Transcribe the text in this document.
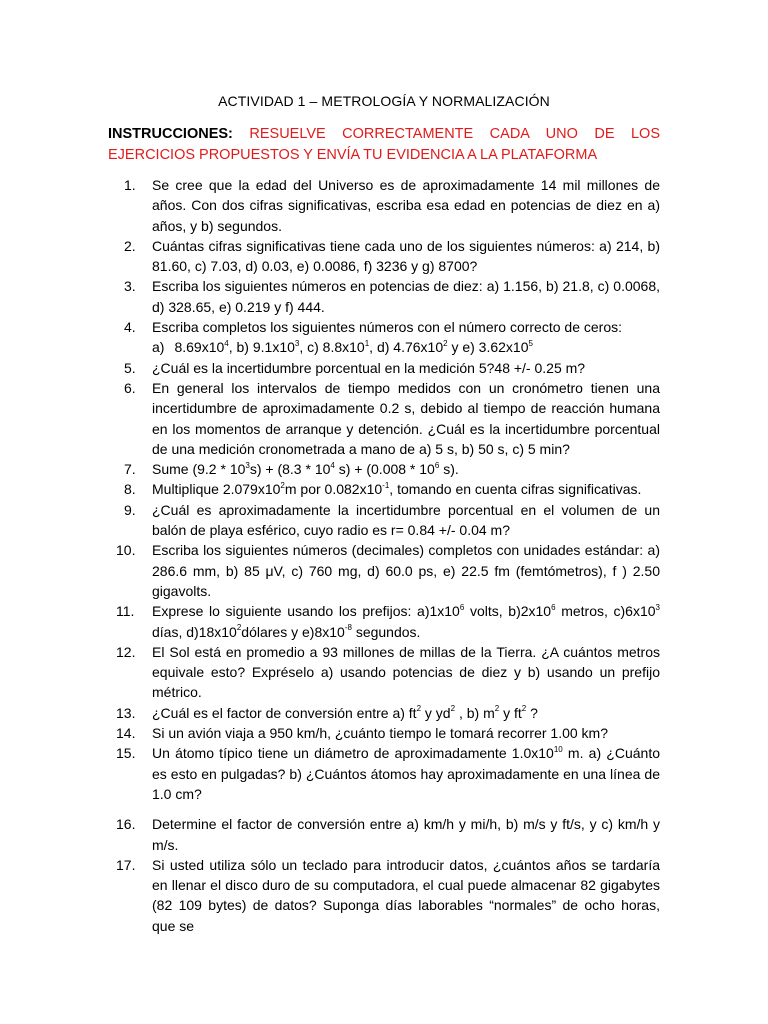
ACTIVIDAD 1 – METROLOGÍA Y NORMALIZACIÓN
INSTRUCCIONES: RESUELVE CORRECTAMENTE CADA UNO DE LOS EJERCICIOS PROPUESTOS Y ENVÍA TU EVIDENCIA A LA PLATAFORMA
1. Se cree que la edad del Universo es de aproximadamente 14 mil millones de años. Con dos cifras significativas, escriba esa edad en potencias de diez en a) años, y b) segundos.
2. Cuántas cifras significativas tiene cada uno de los siguientes números: a) 214, b) 81.60, c) 7.03, d) 0.03, e) 0.0086, f) 3236 y g) 8700?
3. Escriba los siguientes números en potencias de diez: a) 1.156, b) 21.8, c) 0.0068, d) 328.65, e) 0.219 y f) 444.
4. Escriba completos los siguientes números con el número correcto de ceros:
a) $8.69x10^4$, b) $9.1x10^3$, c) $8.8x10^1$, d) $4.76x10^2$ y e) $3.62x10^5$
5. ¿Cuál es la incertidumbre porcentual en la medición 5?48 +/- 0.25 m?
6. En general los intervalos de tiempo medidos con un cronómetro tienen una incertidumbre de aproximadamente 0.2 s, debido al tiempo de reacción humana en los momentos de arranque y detención. ¿Cuál es la incertidumbre porcentual de una medición cronometrada a mano de a) 5 s, b) 50 s, c) 5 min?
7. Sume $(9.2 * 10^3s) + (8.3 * 10^4$ $s) + (0.008 * 10^6$ s).
8. Multiplique $2.079x10^2m$ por $0.082x10^{-1}$, tomando en cuenta cifras significativas.
9. ¿Cuál es aproximadamente la incertidumbre porcentual en el volumen de un balón de playa esférico, cuyo radio es r= 0.84 +/- 0.04 m?
10. Escriba los siguientes números (decimales) completos con unidades estándar: a) 286.6 mm, b) 85 μV, c) 760 mg, d) 60.0 ps, e) 22.5 fm (femtómetros), f ) 2.50 gigavolts.
11. Exprese lo siguiente usando los prefijos: $a)1x10^6$ volts, $b)2x10^6$ metros, $c)6x10^3$ días, $d)18x10^2dólares$ y $e)8x10^{-8}$ segundos.
12. El Sol está en promedio a 93 millones de millas de la Tierra. ¿A cuántos metros equivale esto? Expréselo a) usando potencias de diez y b) usando un prefijo métrico.
13. ¿Cuál es el factor de conversión entre a) $ft^2$ y $yd^2$ , b) $m^2$ y $ft^2$ ?
14. Si un avión viaja a 950 km/h, ¿cuánto tiempo le tomará recorrer 1.00 km?
15. Un átomo típico tiene un diámetro de aproximadamente $1.0x10^{10}$ m. a) ¿Cuánto es esto en pulgadas? b) ¿Cuántos átomos hay aproximadamente en una línea de 1.0 cm?
16. Determine el factor de conversión entre a) km/h y mi/h, b) m/s y ft/s, y c) km/h y m/s.
17. Si usted utiliza sólo un teclado para introducir datos, ¿cuántos años se tardaría en llenar el disco duro de su computadora, el cual puede almacenar 82 gigabytes (82 109 bytes) de datos? Suponga días laborables “normales” de ocho horas, que se
